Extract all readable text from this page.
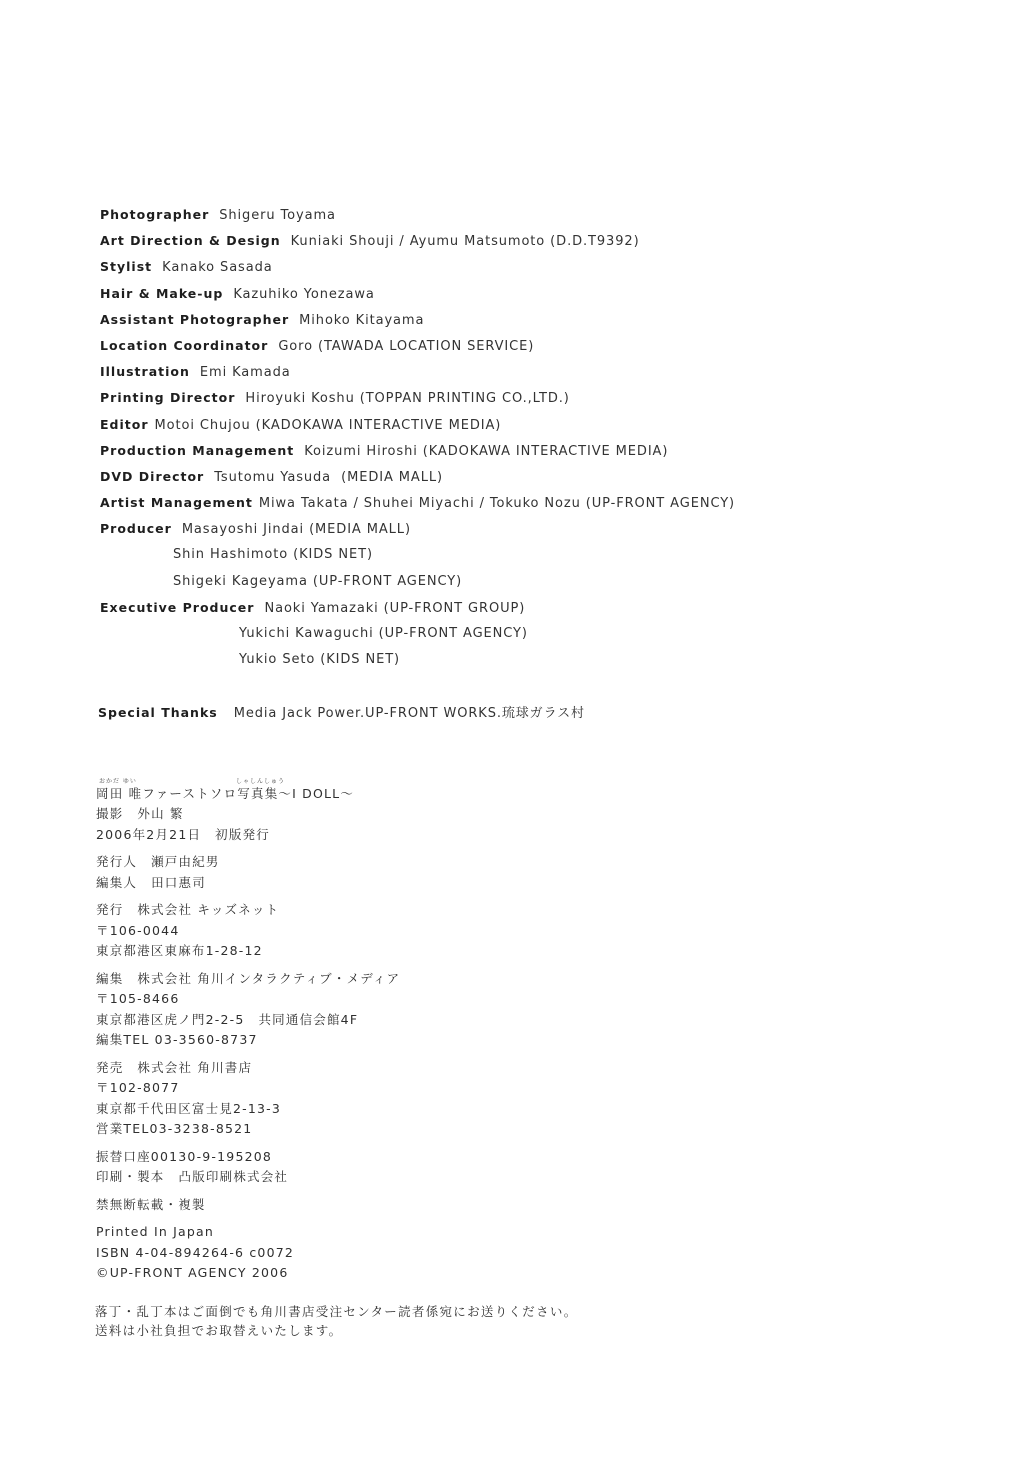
Photographer Shigeru Toyama
Art Direction & Design Kuniaki Shouji / Ayumu Matsumoto (D.D.T9392)
Stylist Kanako Sasada
Hair & Make-up Kazuhiko Yonezawa
Assistant Photographer Mihoko Kitayama
Location Coordinator Goro (TAWADA LOCATION SERVICE)
Illustration Emi Kamada
Printing Director Hiroyuki Koshu (TOPPAN PRINTING CO.,LTD.)
Editor Motoi Chujou (KADOKAWA INTERACTIVE MEDIA)
Production Management Koizumi Hiroshi (KADOKAWA INTERACTIVE MEDIA)
DVD Director Tsutomu Yasuda  (MEDIA MALL)
Artist Management Miwa Takata / Shuhei Miyachi / Tokuko Nozu (UP-FRONT AGENCY)
Producer Masayoshi Jindai (MEDIA MALL)
Shin Hashimoto (KIDS NET)
Shigeki Kageyama (UP-FRONT AGENCY)
Executive Producer Naoki Yamazaki (UP-FRONT GROUP)
Yukichi Kawaguchi (UP-FRONT AGENCY)
Yukio Seto (KIDS NET)
Special Thanks Media Jack Power.UP-FRONT WORKS.琉球ガラス村
おかだ ゆい	しゃしんしゅう
岡田 唯ファーストソロ写真集〜I DOLL〜
撮影 外山 繁
2006年2月21日 初版発行
発行人 瀬戸由紀男
編集人 田口惠司
発行 株式会社 キッズネット
〒106-0044
東京都港区東麻布1-28-12
編集 株式会社 角川インタラクティブ・メディア
〒105-8466
東京都港区虎ノ門2-2-5 共同通信会館4F
編集TEL 03-3560-8737
発売 株式会社 角川書店
〒102-8077
東京都千代田区富士見2-13-3
営業TEL03-3238-8521
振替口座00130-9-195208
印刷・製本 凸版印刷株式会社
禁無断転載・複製
Printed In Japan
ISBN 4-04-894264-6 c0072
©UP-FRONT AGENCY 2006
落丁・乱丁本はご面倒でも角川書店受注センター読者係宛にお送りください。
送料は小社負担でお取替えいたします。
